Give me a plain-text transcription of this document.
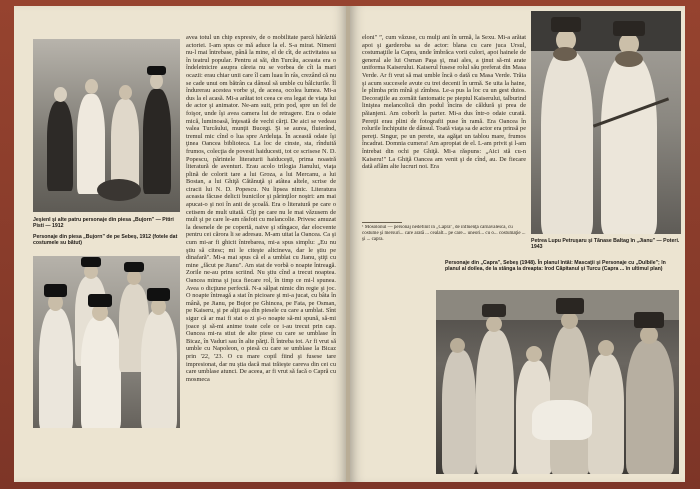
Jeşienl şi alte patru personaje din piesa „Bujorn" — Pitiri Pisti — 1912
Personaje din piesa „Bujorn" de pe Sebeş, 1912 (fotele dat costumele su bătut)

avea totul un chip expresiv, de o mobilitate parcă hărăzită actoriei. I-am spus ce mă aduce la el. S-a mirat. Nimeni nu-l mai întrebase, până la mine, el de cît, de activitatea sa în teatrul popular. Pentru ai săi, din Turcău, aceasta era o îndeletnicire asupra căreia nu se vorbea de cît la mari ocazii: erau chiar unii care îl cam luau în râs, crezând că nu se cade unui om bătrân ca dânsul să umble cu bâlciurile. Îl îndurerau acestea vorbe şi, de aceea, ocolea lumea. Mi-a dus la el acasă. Mi-a arătat tot ceea ce era legat de viaţa lui de actor şi animator. Ne-am suit, prin pod, spre un fel de foişor, unde îşi avea camera lui de retragere. Era o odaie mică, luminoasă, înţesată de vechi cărţi. De aici se vedeau valea Turcăului, munţii Bucegi. Şi se aurea, fluierând, tremul mic cînd o lua spre Ardeluţa. În această odaie îşi ţinea Oancea biblioteca. La loc de cinste, sta, rînduită frumos, colecţia de povesti haiducesti, tot ce scrisese N. D. Popescu, părintele literaturii haiduceşti, prima noastră literatură de aventuri. Erau acolo trilogia Jianului, viaţa plină de colorit tare a lui Groza, a lui Mercanu, a lui Bostan, a lui Ghiţă Cătănuţă şi atâtea altele, scrise de ciracii lui N. D. Popescu. Nu lipsea nimic. Literatura aceasta făcuse delicii bunicilor şi părinţilor noştri: am mai apucat-o şi noi în anii de şcoală. Era o literatură pe care o cetisem de mult uitată. Cîţi pe care nu le mai văzusem de mult şi pe care le-am răsfoit cu melancolie. Privesc amuzat la desenele de pe copertă, naive şi stîngace, dar elocvente pentru cei cărora li se adresau. M-am uitat la Oancea. Ca şi cum mi-ar fi ghicit întrebarea, mi-a spus simplu: „Eu nu ştiu să citesc; mi le citeşte altcineva, dar le ştiu pe dinafară". Mi-a mai spus că el a umblat cu Jianu, ştiţi cu mine „făcut pe Jianu". Am stat de vorbă o noapte întreagă. Zorile ne-au prins scriind. Nu ştiu cînd a trecut noaptea. Oancea mima şi juca fiecare rol, în timp ce mi-l spunea. Avea o dicţiune perfectă. N-a sălpat nimic din regie şi joc. O noapte întreagă a stat în picioare şi mi-a jucat, cu bâta în mână, pe Jianu, pe Bujor pe Ghincea, pe Fata, pe Osman, pe Kaiseru, şi pe alţii aşa din piesele cu care a umblat. Sînt sigur că ar mai fi stat o zi şi-o noapte să-mi spună, să-mi joace şi să-mi anime toate cele ce i-au trecut prin cap. Oancea mi-ra stiut de alte piese cu care se umblase în Bicaz, în Vaduri sau în alte părţi. Îl întreba tot. Ar fi vrut să umble cu Napoleon, o piesă cu care se umblase la Bicaz prin '22, '23. O cu mare copil fiind şi fusese tare impresionat, dar nu ştia dacă mai trăieşte careva din cei cu care umblase atunci. De aceea, ar fi vrut să facă o Capră cu mosmeca

eloni" ”, cum văzuse, cu mulţi ani în urmă, la Sexu. Mi-a arătat apoi şi garderoba sa de actor: blana cu care juca Ursul, costumaţiile la Capra, unde îmbrăca vorii culori, apoi hainele de general ale lui Osman Paşa şi, mai ales, a ţinut să-mi arate uniforma Kaiserului. Kaiserul fusese rolul său preferat din Masa Verde. Ar fi vrut să mai umble încă o dată cu Masa Verde. Trăia şi acum succesele avute cu trei decenii în urmă. Se uita la haine, le plimba prin mînă şi zîmbea. Le-a pus la loc cu un gest duios. Decoraţiile au zornăit fantomatic pe pieptul Kaiserului, talburind liniştea melancolică din podul încins de căldură şi prea de păianjeni. Am coborît la parter. Mi-a dus într-o odaie curată. Pereţii erau plini de fotografii puse în ramă. Era Oancea în rolurile închipuite de dânsul. Toată viaţa sa de actor era prinsă pe pereţi. Singur, pe un perete, sta agăţat un tablou mare, frumos încadrat. Domnia cumera! Am apropiat de el. L-am privit şi l-am întrebat din ochi pe Ghiţă. Mi-a răspuns: „Aici stă cu-n Kaiseru!" La Ghiţă Oancea am venit şi de cînd, au. De fiecare dată aflăm alte lucruri noi. Era

¹ Mosolonul — personaj nedefinit în „Capră", de influenţă carnavalescă, cu costume şi mersuri... care arată ... cealalt... pe care... uneori... cu o... costumaţie ... şi ... capra.	Petrea Lupu Petruşaru şi Tănase Baltag în „Jianu" — Poteri. 1943
Personaje din „Capra", Sebeş (1948). În planul întâi: Mascaţii şi Personaje cu „Dulbile"; în planul al doilea, de la stânga la dreapta: Irod Căpitanul şi Turcu (Capra ... în ultimul plan)
